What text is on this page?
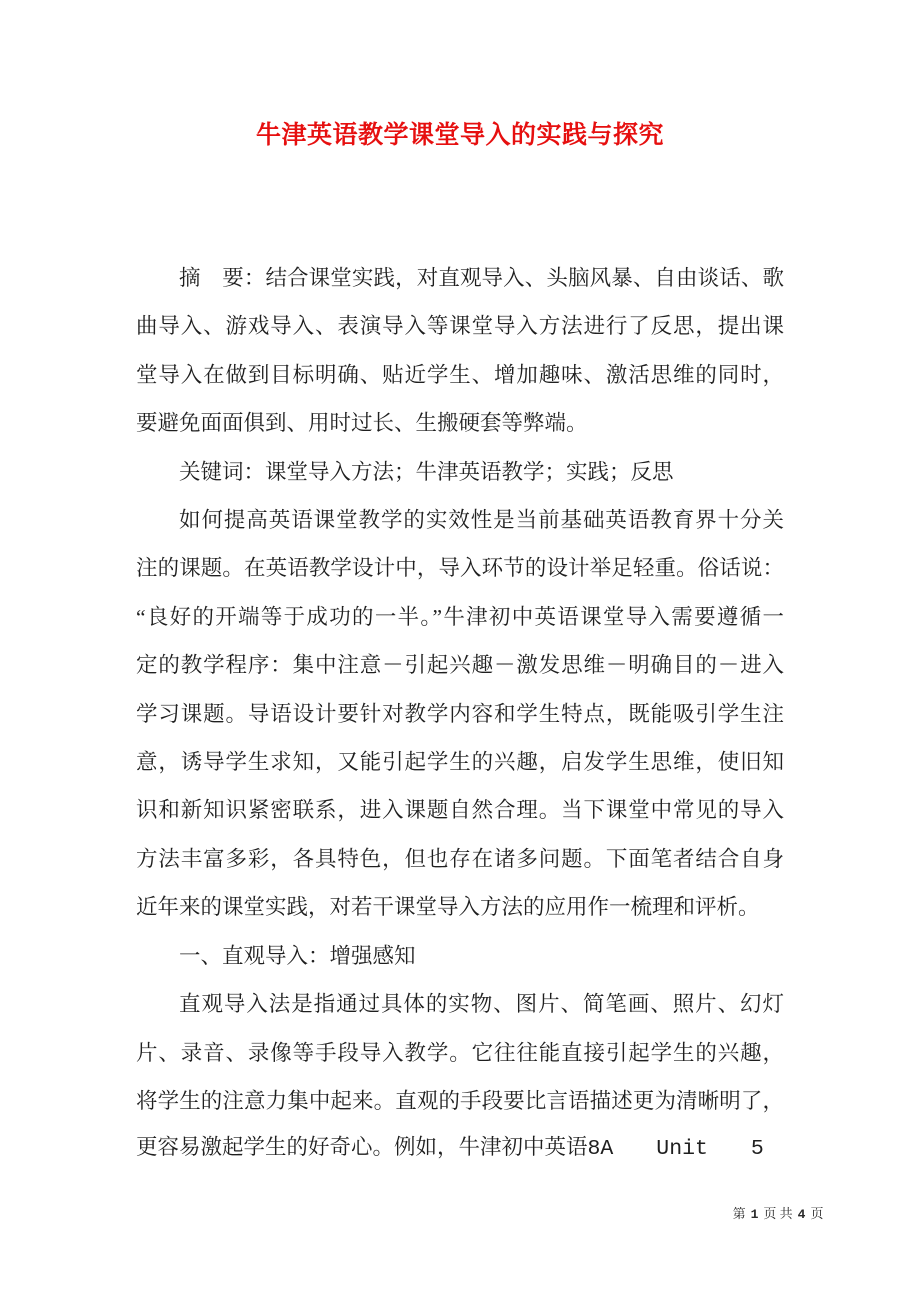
牛津英语教学课堂导入的实践与探究
摘　要：结合课堂实践，对直观导入、头脑风暴、自由谈话、歌
曲导入、游戏导入、表演导入等课堂导入方法进行了反思，提出课
堂导入在做到目标明确、贴近学生、增加趣味、激活思维的同时，
要避免面面俱到、用时过长、生搬硬套等弊端。
关键词：课堂导入方法；牛津英语教学；实践；反思
如何提高英语课堂教学的实效性是当前基础英语教育界十分关
注的课题。在英语教学设计中，导入环节的设计举足轻重。俗话说：
“良好的开端等于成功的一半。”牛津初中英语课堂导入需要遵循一
定的教学程序：集中注意－引起兴趣－激发思维－明确目的－进入
学习课题。导语设计要针对教学内容和学生特点，既能吸引学生注
意，诱导学生求知，又能引起学生的兴趣，启发学生思维，使旧知
识和新知识紧密联系，进入课题自然合理。当下课堂中常见的导入
方法丰富多彩，各具特色，但也存在诸多问题。下面笔者结合自身
近年来的课堂实践，对若干课堂导入方法的应用作一梳理和评析。
一、直观导入：增强感知
直观导入法是指通过具体的实物、图片、简笔画、照片、幻灯
片、录音、录像等手段导入教学。它往往能直接引起学生的兴趣，
将学生的注意力集中起来。直观的手段要比言语描述更为清晰明了，
更容易激起学生的好奇心。例如，牛津初中英语8A　　Unit　　5
第 1 页 共 4 页
